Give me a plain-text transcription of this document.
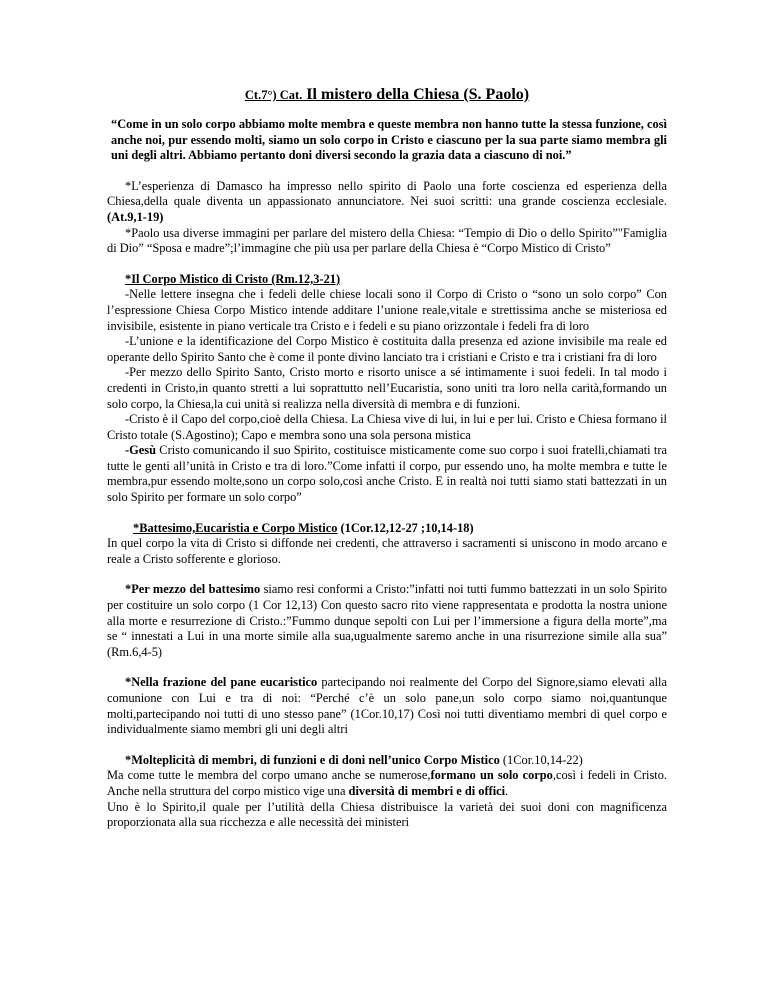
Ct.7°) Cat. Il mistero della Chiesa (S. Paolo)
“Come in un solo corpo abbiamo molte membra e queste membra non hanno tutte la stessa funzione, così anche noi, pur essendo molti, siamo un solo corpo in Cristo e ciascuno per la sua parte siamo membra gli uni degli altri. Abbiamo pertanto doni diversi secondo la grazia data a ciascuno di noi.”

*L’esperienza di Damasco ha impresso nello spirito di Paolo una forte coscienza ed esperienza della Chiesa,della quale diventa un appassionato annunciatore. Nei suoi scritti: una grande coscienza ecclesiale. (At.9,1-19)

*Paolo usa diverse immagini per parlare del mistero della Chiesa: “Tempio di Dio o dello Spirito”"Famiglia di Dio” “Sposa e madre”;l’immagine che più usa per parlare della Chiesa è “Corpo Mistico di Cristo”

*Il Corpo Mistico di Cristo (Rm.12,3-21)

-Nelle lettere insegna che i fedeli delle chiese locali sono il Corpo di Cristo o “sono un solo corpo” Con l’espressione Chiesa Corpo Mistico intende additare l’unione reale,vitale e strettissima anche se misteriosa ed invisibile, esistente in piano verticale tra Cristo e i fedeli e su piano orizzontale i fedeli fra di loro

-L’unione e la identificazione del Corpo Mistico è costituita dalla presenza ed azione invisibile ma reale ed operante dello Spirito Santo che è come il ponte divino lanciato tra i cristiani e Cristo e tra i cristiani fra di loro

-Per mezzo dello Spirito Santo, Cristo morto e risorto unisce a sé intimamente i suoi fedeli. In tal modo i credenti in Cristo,in quanto stretti a lui soprattutto nell’Eucaristia, sono uniti tra loro nella carità,formando un solo corpo, la Chiesa,la cui unità si realizza nella diversità di membra e di funzioni.

-Cristo è il Capo del corpo,cioè della Chiesa. La Chiesa vive di lui, in lui e per lui. Cristo e Chiesa formano il Cristo totale (S.Agostino); Capo e membra sono una sola persona mistica

-Gesù Cristo comunicando il suo Spirito, costituisce misticamente come suo corpo i suoi fratelli,chiamati tra tutte le genti all’unità in Cristo e tra di loro.”Come infatti il corpo, pur essendo uno, ha molte membra e tutte le membra,pur essendo molte,sono un corpo solo,così anche Cristo. E in realtà noi tutti siamo stati battezzati in un solo Spirito per formare un solo corpo”

*Battesimo,Eucaristia e Corpo Mistico (1Cor.12,12-27 ;10,14-18)

In quel corpo la vita di Cristo si diffonde nei credenti, che attraverso i sacramenti si uniscono in modo arcano e reale a Cristo sofferente e glorioso.

*Per mezzo del battesimo siamo resi conformi a Cristo:”infatti noi tutti fummo battezzati in un solo Spirito per costituire un solo corpo (1 Cor 12,13) Con questo sacro rito viene rappresentata e prodotta la nostra unione alla morte e resurrezione di Cristo.:”Fummo dunque sepolti con Lui per l’immersione a figura della morte”,ma se “ innestati a Lui in una morte simile alla sua,ugualmente saremo anche in una risurrezione simile alla sua” (Rm.6,4-5)

*Nella frazione del pane eucaristico partecipando noi realmente del Corpo del Signore,siamo elevati alla comunione con Lui e tra di noi: “Perché c’è un solo pane,un solo corpo siamo noi,quantunque molti,partecipando noi tutti di uno stesso pane” (1Cor.10,17) Così noi tutti diventiamo membri di quel corpo e individualmente siamo membri gli uni degli altri

*Molteplicità di membri, di funzioni e di doni nell’unico Corpo Mistico (1Cor.10,14-22)

Ma come tutte le membra del corpo umano anche se numerose,formano un solo corpo,così i fedeli in Cristo. Anche nella struttura del corpo mistico vige una diversità di membri e di offici.

Uno è lo Spirito,il quale per l’utilità della Chiesa distribuisce la varietà dei suoi doni con magnificenza proporzionata alla sua ricchezza e alle necessità dei ministeri
